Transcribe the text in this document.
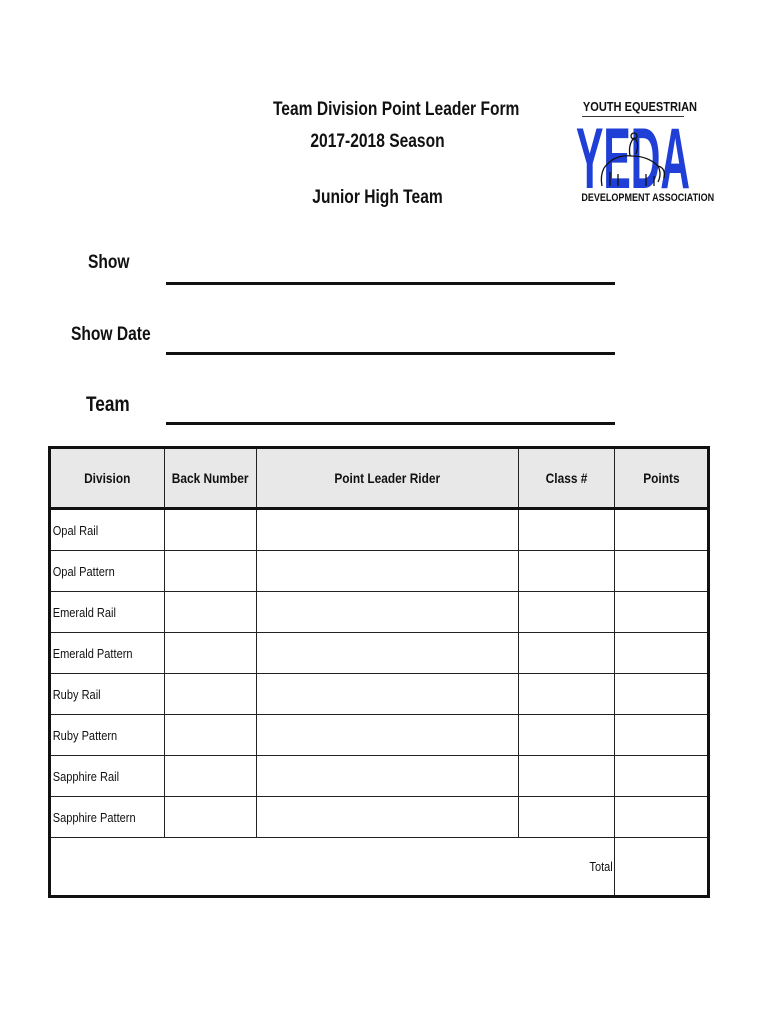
Team Division Point Leader Form
2017-2018 Season
Junior High Team
YOUTH EQUESTRIAN
YEDA
DEVELOPMENT ASSOCIATION
Show
Show Date
Team
Division	Back Number	Point Leader Rider	Class #	Points
Opal Rail				
Opal Pattern				
Emerald Rail				
Emerald Pattern				
Ruby Rail				
Ruby Pattern				
Sapphire Rail				
Sapphire Pattern				
Total				
